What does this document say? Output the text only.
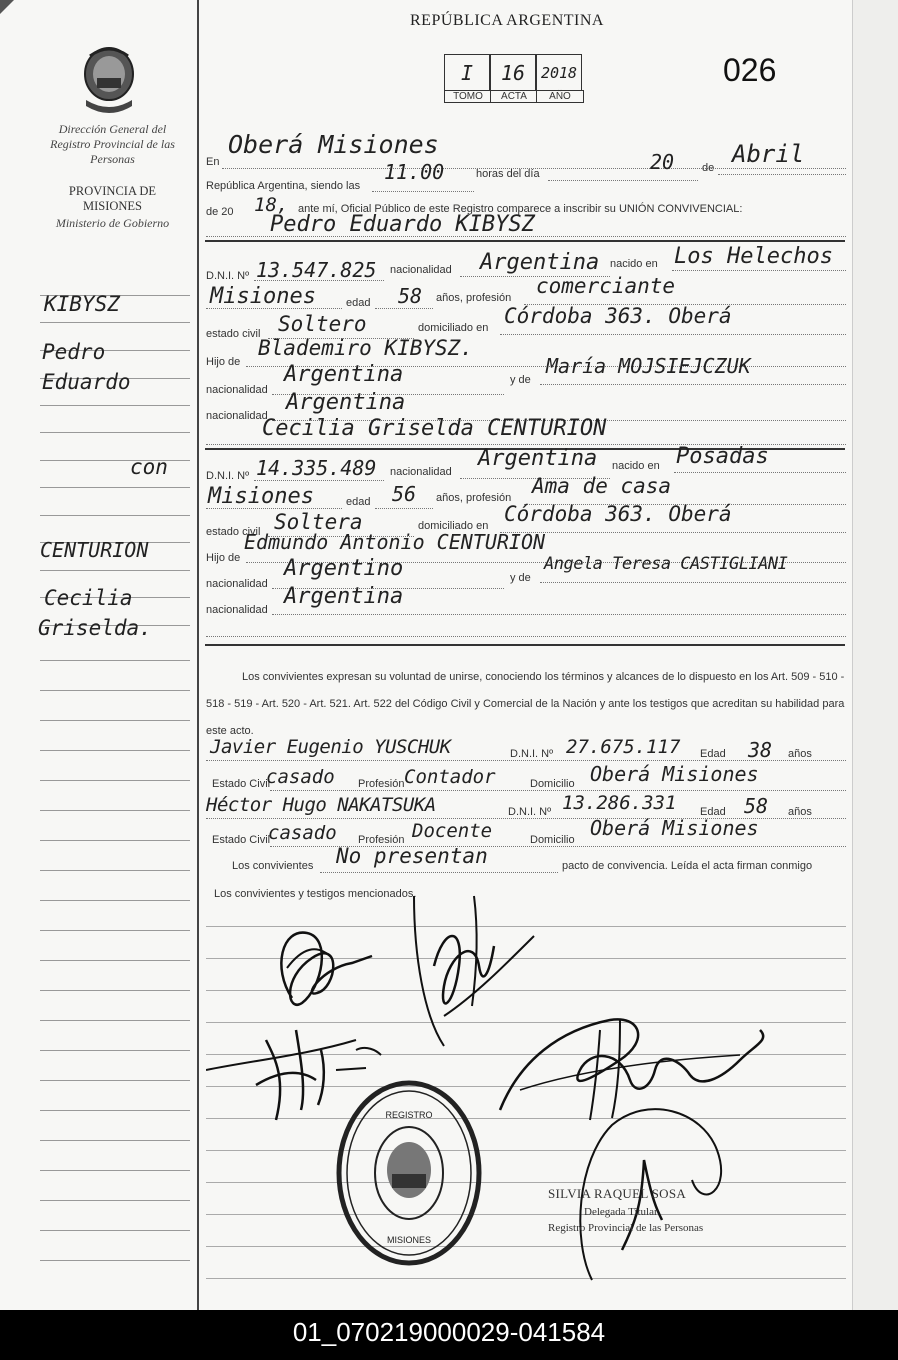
Dirección General del Registro Provincial de las Personas
PROVINCIA DE MISIONES
Ministerio de Gobierno
KIBYSZ
Pedro
Eduardo
con
CENTURION
Cecilia
Griselda.
REPÚBLICA ARGENTINA
I	16	2018
TOMO	ACTA	AÑO
026
En
Oberá Misiones
República Argentina, siendo las
11.00	horas del día	20	de Abril
de 20 18, ante mí, Oficial Público de este Registro comparece a inscribir su UNIÓN CONVIVENCIAL:
Pedro Eduardo KIBYSZ
D.N.I. Nº 13.547.825 nacionalidad Argentina nacido en Los Helechos
Misiones	edad 58 años, profesión comerciante
estado civil Soltero	domiciliado en Córdoba 363. Oberá
Hijo de
Blademiro KIBYSZ.
nacionalidad
Argentina	y de
María MOJSIEJCZUK
nacionalidad
Argentina
Cecilia Griselda CENTURION
D.N.I. Nº 14.335.489 nacionalidad
Argentina nacido en Posadas
Misiones	edad 56 años, profesión Ama de casa
estado civil Soltera	domiciliado en Córdoba 363. Oberá
Hijo de
Edmundo Antonio CENTURION
nacionalidad
Argentino	y de
Angela Teresa CASTIGLIANI
nacionalidad
Argentina
Los convivientes expresan su voluntad de unirse, conociendo los términos y alcances de lo dispuesto en los Art. 509 - 510 - 518 - 519 - Art. 520 - Art. 521. Art. 522 del Código Civil y Comercial de la Nación y ante los testigos que acreditan su habilidad para este acto.
Javier Eugenio YUSCHUK	D.N.I. Nº 27.675.117 Edad 38 años
Estado Civil
casado Profesión Contador	Domicilio Oberá Misiones
Héctor Hugo NAKATSUKA	D.N.I. Nº 13.286.331 Edad 58 años
Estado Civil
casado Profesión Docente	Domicilio Oberá Misiones
Los convivientes No presentan	pacto de convivencia. Leída el acta firman conmigo
Los convivientes y testigos mencionados.
REGISTRO
MISIONES
SILVIA RAQUEL SOSA
Delegada Titular
Registro Provincial de las Personas
01_070219000029-041584
